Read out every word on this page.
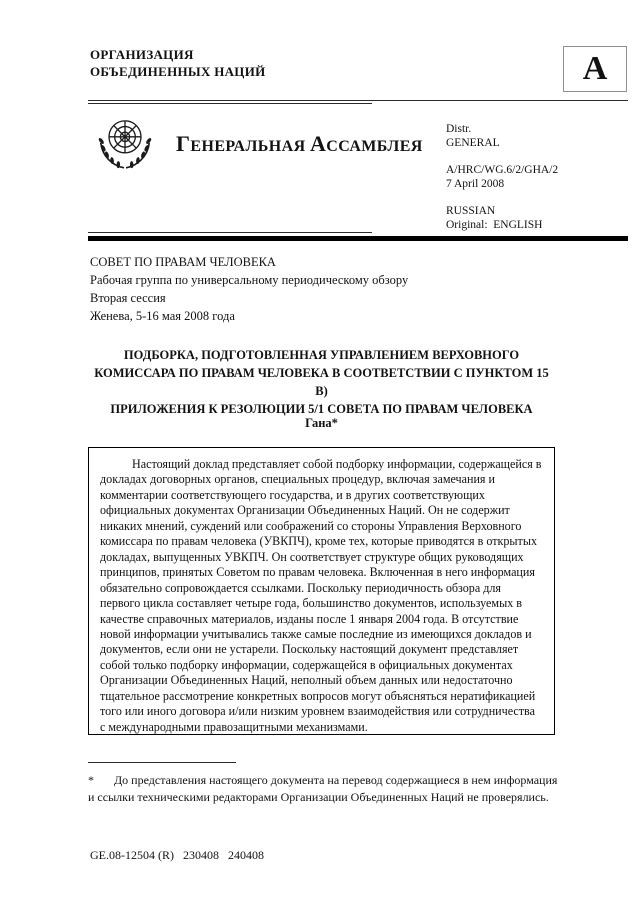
ОРГАНИЗАЦИЯ
ОБЪЕДИНЕННЫХ НАЦИЙ	A
ГЕНЕРАЛЬНАЯ АССАМБЛЕЯ
Distr.
GENERAL
A/HRC/WG.6/2/GHA/2
7 April 2008
RUSSIAN
Original:  ENGLISH
СОВЕТ ПО ПРАВАМ ЧЕЛОВЕКА
Рабочая группа по универсальному периодическому обзору
Вторая сессия
Женева, 5-16 мая 2008 года
ПОДБОРКА, ПОДГОТОВЛЕННАЯ УПРАВЛЕНИЕМ ВЕРХОВНОГО
КОМИССАРА ПО ПРАВАМ ЧЕЛОВЕКА В СООТВЕТСТВИИ С ПУНКТОМ 15 В)
ПРИЛОЖЕНИЯ К РЕЗОЛЮЦИИ 5/1 СОВЕТА ПО ПРАВАМ ЧЕЛОВЕКА
Гана*

Настоящий доклад представляет собой подборку информации, содержащейся в докладах договорных органов, специальных процедур, включая замечания и комментарии соответствующего государства, и в других соответствующих официальных документах Организации Объединенных Наций. Он не содержит никаких мнений, суждений или соображений со стороны Управления Верховного комиссара по правам человека (УВКПЧ), кроме тех, которые приводятся в открытых докладах, выпущенных УВКПЧ. Он соответствует структуре общих руководящих принципов, принятых Советом по правам человека. Включенная в него информация обязательно сопровождается ссылками. Поскольку периодичность обзора для первого цикла составляет четыре года, большинство документов, используемых в качестве справочных материалов, изданы после 1 января 2004 года. В отсутствие новой информации учитывались также самые последние из имеющихся докладов и документов, если они не устарели. Поскольку настоящий документ представляет собой только подборку информации, содержащейся в официальных документах Организации Объединенных Наций, неполный объем данных или недостаточно тщательное рассмотрение конкретных вопросов могут объясняться нератификацией того или иного договора и/или низким уровнем взаимодействия или сотрудничества с международными правозащитными механизмами.

* До представления настоящего документа на перевод содержащиеся в нем информация и ссылки техническими редакторами Организации Объединенных Наций не проверялись.
GE.08-12504 (R)   230408   240408
